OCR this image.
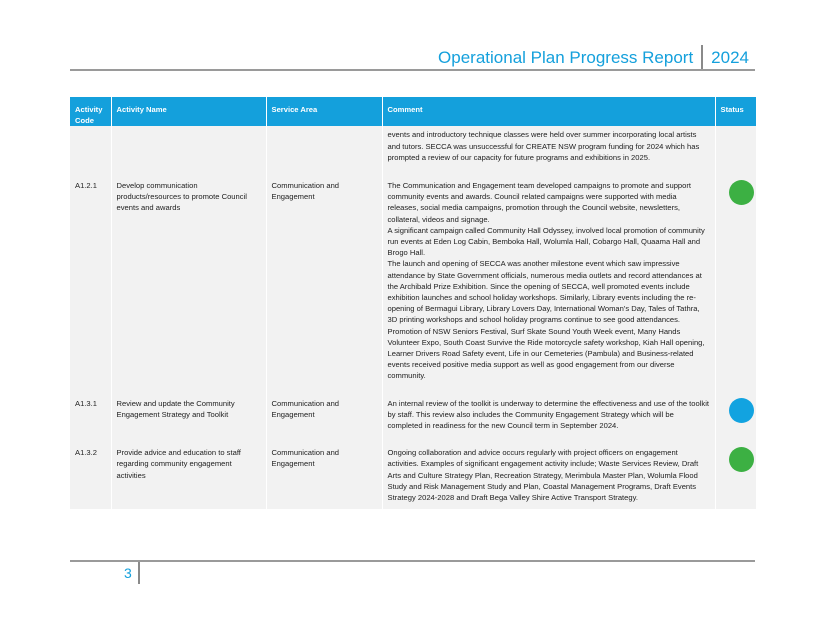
Operational Plan Progress Report 2024
Activity Code	Activity Name	Service Area	Comment	Status
			events and introductory technique classes were held over summer incorporating local artists and tutors. SECCA was unsuccessful for CREATE NSW program funding for 2024 which has prompted a review of our capacity for future programs and exhibitions in 2025.	
A1.2.1	Develop communication products/resources to promote Council events and awards	Communication and Engagement	The Communication and Engagement team developed campaigns to promote and support community events and awards. Council related campaigns were supported with media releases, social media campaigns, promotion through the Council website, newsletters, collateral, videos and signage.

A significant campaign called Community Hall Odyssey, involved local promotion of community run events at Eden Log Cabin, Bemboka Hall, Wolumla Hall, Cobargo Hall, Quaama Hall and Brogo Hall.

The launch and opening of SECCA was another milestone event which saw impressive attendance by State Government officials, numerous media outlets and record attendances at the Archibald Prize Exhibition. Since the opening of SECCA, well promoted events include exhibition launches and school holiday workshops. Similarly, Library events including the re-opening of Bermagui Library, Library Lovers Day, International Woman's Day, Tales of Tathra, 3D printing workshops and school holiday programs continue to see good attendances.

Promotion of NSW Seniors Festival, Surf Skate Sound Youth Week event, Many Hands Volunteer Expo, South Coast Survive the Ride motorcycle safety workshop, Kiah Hall opening, Learner Drivers Road Safety event, Life in our Cemeteries (Pambula) and Business-related events received positive media support as well as good engagement from our diverse community.	

A1.3.1	Review and update the Community Engagement Strategy and Toolkit	Communication and Engagement	An internal review of the toolkit is underway to determine the effectiveness and use of the toolkit by staff. This review also includes the Community Engagement Strategy which will be completed in readiness for the new Council term in September 2024.	

A1.3.2	Provide advice and education to staff regarding community engagement activities	Communication and Engagement	Ongoing collaboration and advice occurs regularly with project officers on engagement activities. Examples of significant engagement activity include; Waste Services Review, Draft Arts and Culture Strategy Plan, Recreation Strategy, Merimbula Master Plan, Wolumla Flood Study and Risk Management Study and Plan, Coastal Management Programs, Draft Events Strategy 2024-2028 and Draft Bega Valley Shire Active Transport Strategy.	

3
